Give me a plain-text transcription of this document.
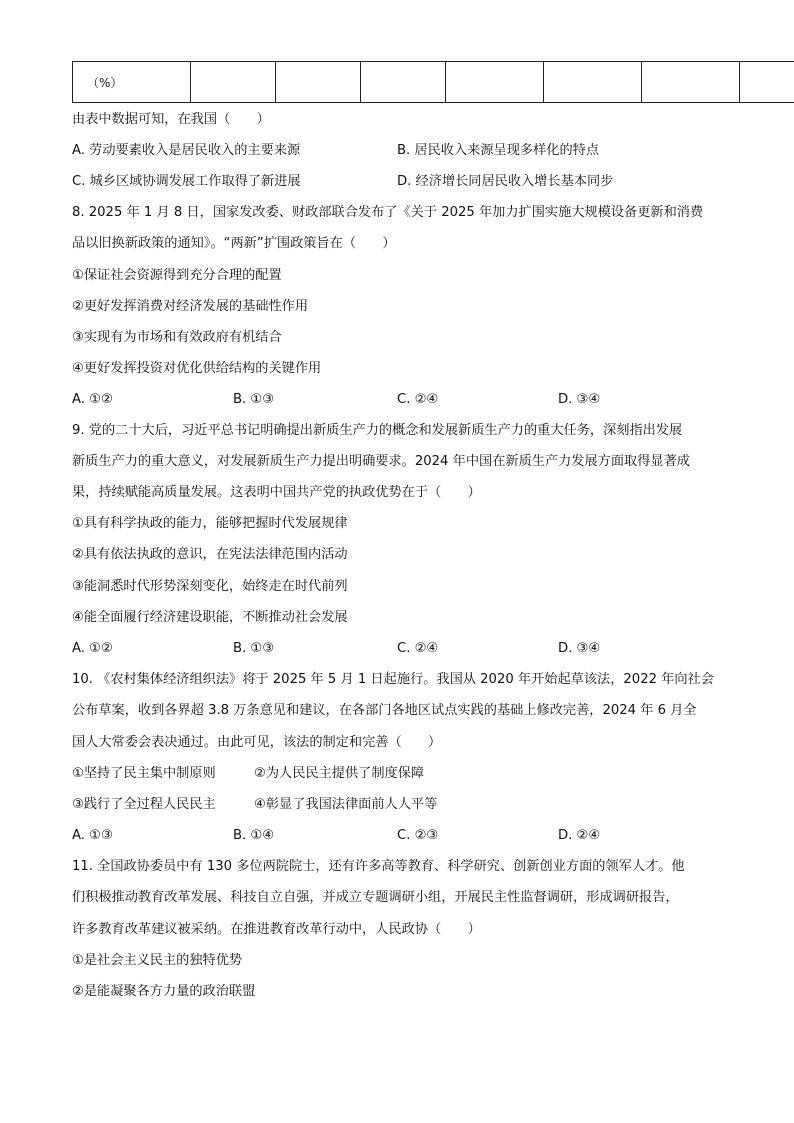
（%）							
由表中数据可知，在我国（　　）
A. 劳动要素收入是居民收入的主要来源	B. 居民收入来源呈现多样化的特点
C. 城乡区域协调发展工作取得了新进展	D. 经济增长同居民收入增长基本同步
8. 2025 年 1 月 8 日，国家发改委、财政部联合发布了《关于 2025 年加力扩围实施大规模设备更新和消费
品以旧换新政策的通知》。“两新”扩围政策旨在（　　）
①保证社会资源得到充分合理的配置
②更好发挥消费对经济发展的基础性作用
③实现有为市场和有效政府有机结合
④更好发挥投资对优化供给结构的关键作用
A. ①②	B. ①③	C. ②④	D. ③④
9. 党的二十大后，习近平总书记明确提出新质生产力的概念和发展新质生产力的重大任务，深刻指出发展
新质生产力的重大意义，对发展新质生产力提出明确要求。2024 年中国在新质生产力发展方面取得显著成
果，持续赋能高质量发展。这表明中国共产党的执政优势在于（　　）
①具有科学执政的能力，能够把握时代发展规律
②具有依法执政的意识，在宪法法律范围内活动
③能洞悉时代形势深刻变化，始终走在时代前列
④能全面履行经济建设职能，不断推动社会发展
A. ①②	B. ①③	C. ②④	D. ③④
10. 《农村集体经济组织法》将于 2025 年 5 月 1 日起施行。我国从 2020 年开始起草该法，2022 年向社会
公布草案，收到各界超 3.8 万条意见和建议，在各部门各地区试点实践的基础上修改完善，2024 年 6 月全
国人大常委会表决通过。由此可见，该法的制定和完善（　　）
①坚持了民主集中制原则	②为人民民主提供了制度保障
③践行了全过程人民民主	④彰显了我国法律面前人人平等
A. ①③	B. ①④	C. ②③	D. ②④
11. 全国政协委员中有 130 多位两院院士，还有许多高等教育、科学研究、创新创业方面的领军人才。他
们积极推动教育改革发展、科技自立自强，并成立专题调研小组，开展民主性监督调研，形成调研报告，
许多教育改革建议被采纳。在推进教育改革行动中，人民政协（　　）
①是社会主义民主的独特优势
②是能凝聚各方力量的政治联盟
